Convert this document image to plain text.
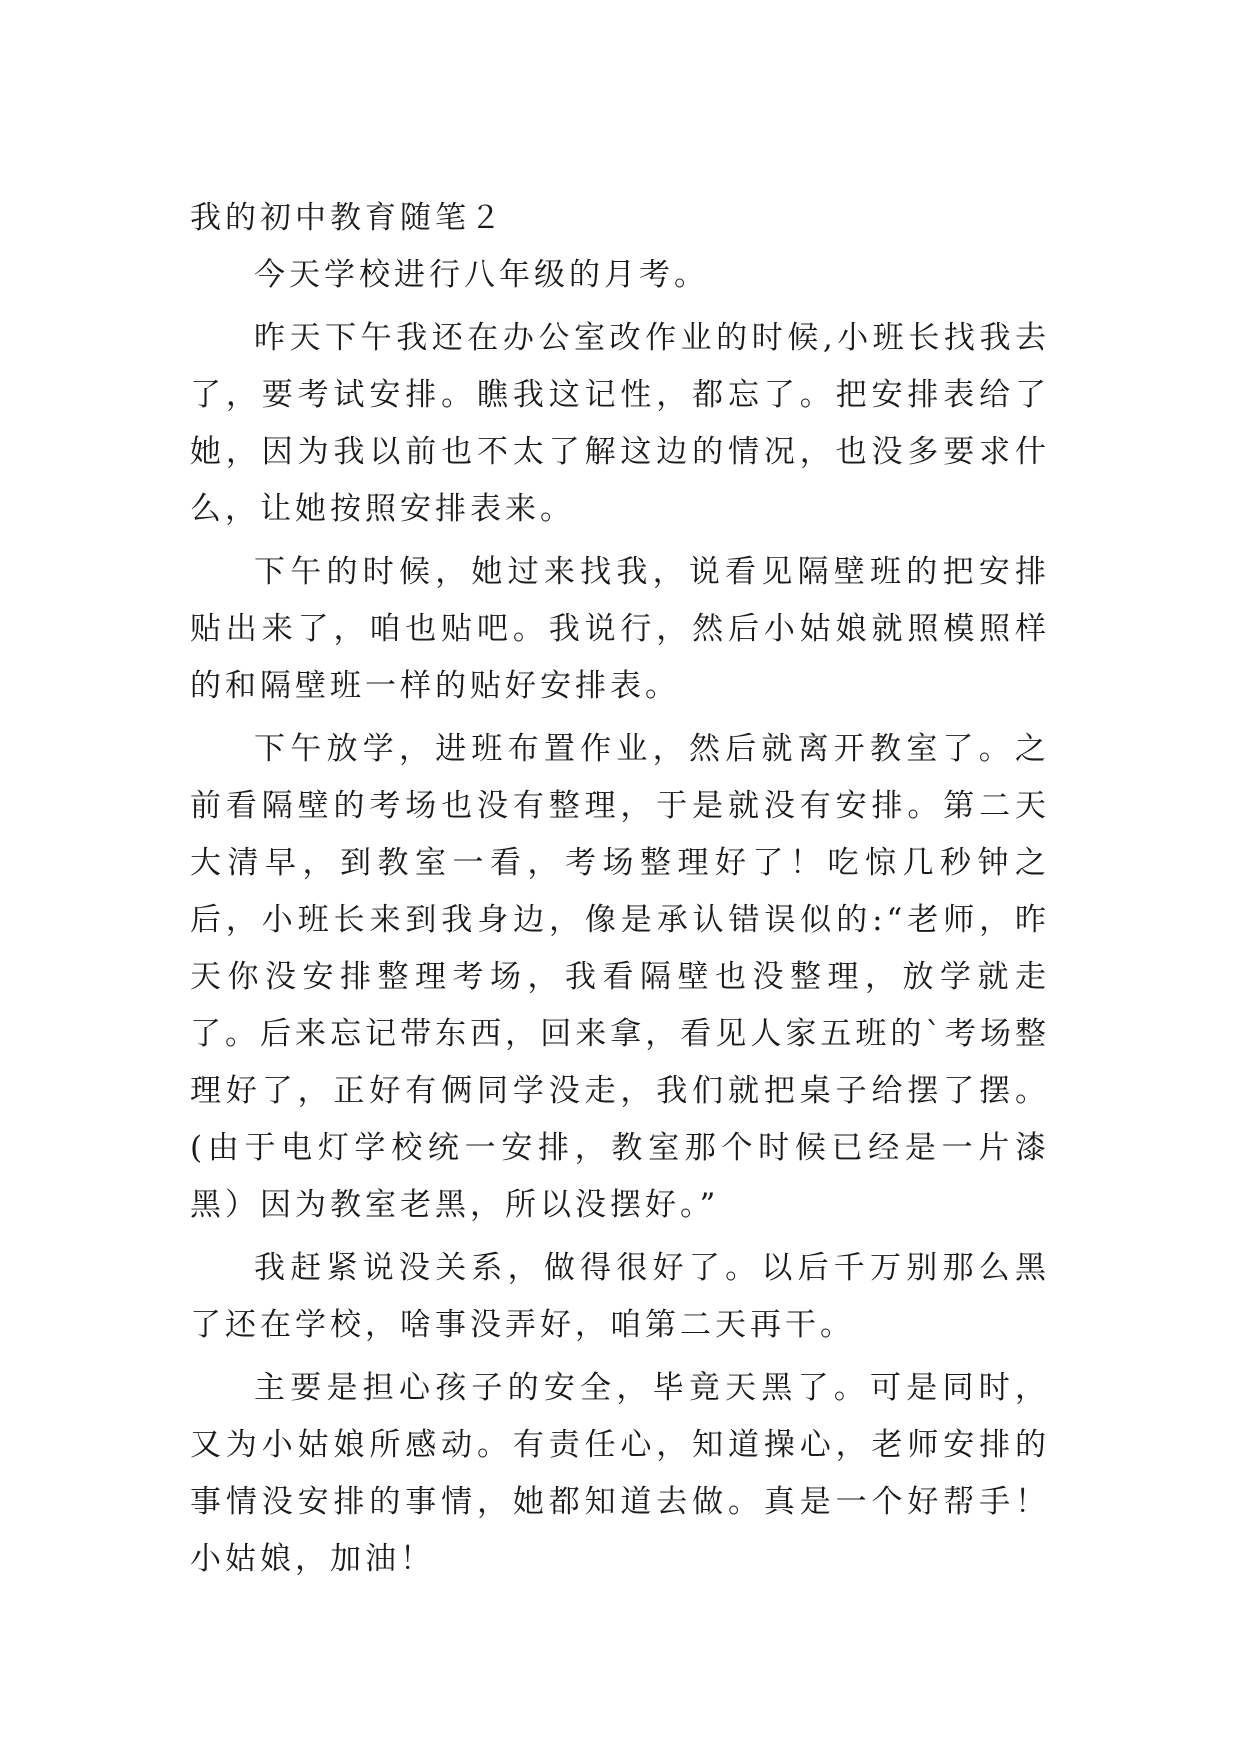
我的初中教育随笔２

今天学校进行八年级的月考。

昨天下午我还在办公室改作业的时候,小班长找我去了，要考试安排。瞧我这记性，都忘了。把安排表给了她，因为我以前也不太了解这边的情况，也没多要求什么，让她按照安排表来。

下午的时候，她过来找我，说看见隔壁班的把安排贴出来了，咱也贴吧。我说行，然后小姑娘就照模照样的和隔壁班一样的贴好安排表。

下午放学，进班布置作业，然后就离开教室了。之前看隔壁的考场也没有整理，于是就没有安排。第二天大清早，到教室一看，考场整理好了！吃惊几秒钟之后，小班长来到我身边，像是承认错误似的:“老师，昨天你没安排整理考场，我看隔壁也没整理，放学就走了。后来忘记带东西，回来拿，看见人家五班的`考场整理好了，正好有俩同学没走，我们就把桌子给摆了摆。(由于电灯学校统一安排，教室那个时候已经是一片漆黑）因为教室老黑，所以没摆好。”

我赶紧说没关系，做得很好了。以后千万别那么黑了还在学校，啥事没弄好，咱第二天再干。

主要是担心孩子的安全，毕竟天黑了。可是同时，又为小姑娘所感动。有责任心，知道操心，老师安排的事情没安排的事情，她都知道去做。真是一个好帮手！小姑娘，加油！
